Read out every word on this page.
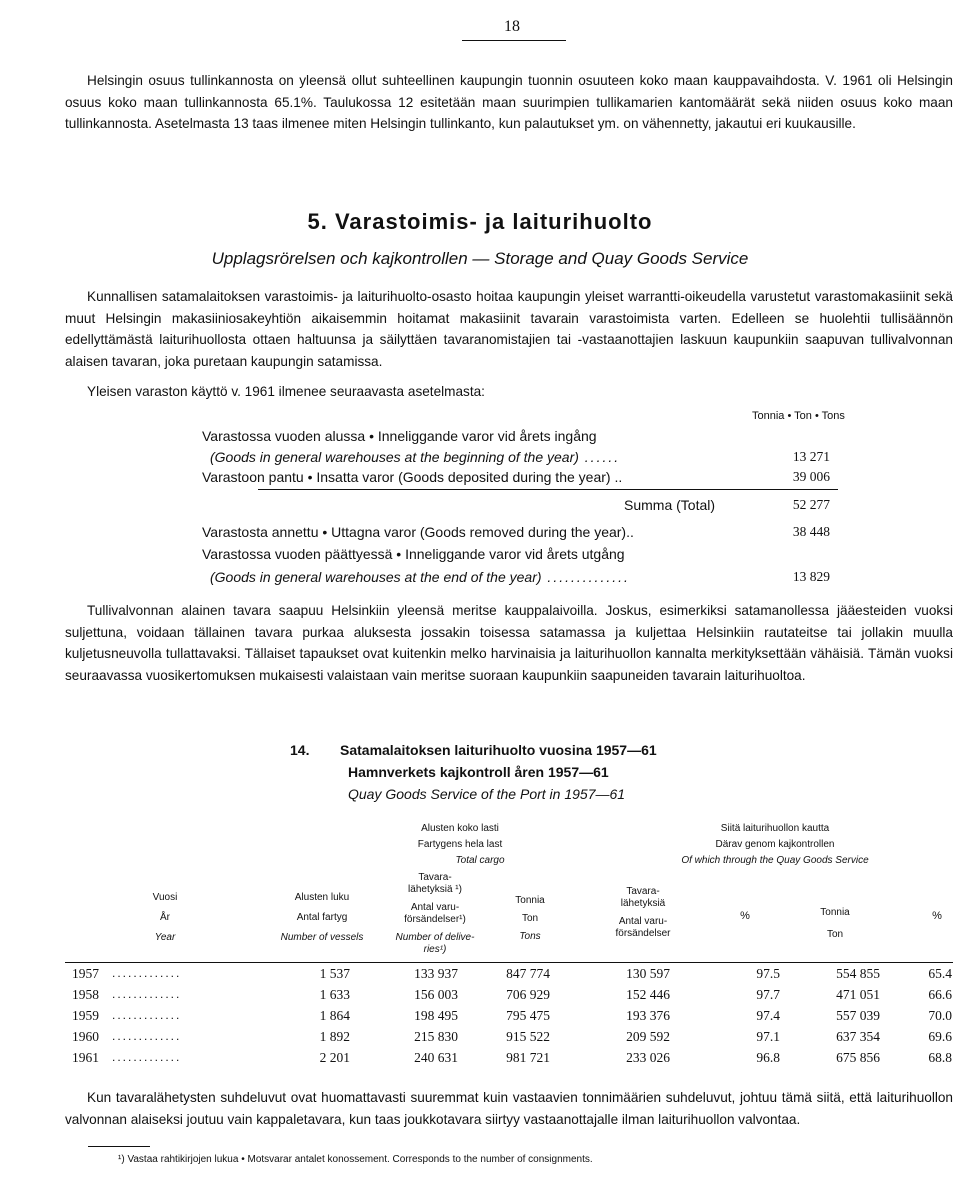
18
Helsingin osuus tullinkannosta on yleensä ollut suhteellinen kaupungin tuonnin osuuteen koko maan kauppavaihdosta. V. 1961 oli Helsingin osuus koko maan tullinkannosta 65.1%. Taulukossa 12 esitetään maan suurimpien tullikamarien kantomäärät sekä niiden osuus koko maan tullinkannosta. Asetelmasta 13 taas ilmenee miten Helsingin tullinkanto, kun palautukset ym. on vähennetty, jakautui eri kuukausille.
5. Varastoimis- ja laiturihuolto
Upplagsrörelsen och kajkontrollen — Storage and Quay Goods Service
Kunnallisen satamalaitoksen varastoimis- ja laiturihuolto-osasto hoitaa kaupungin yleiset warrantti-oikeudella varustetut varastomakasiinit sekä muut Helsingin makasiiniosakeyhtiön aikaisemmin hoitamat makasiinit tavarain varastoimista varten. Edelleen se huolehtii tullisäännön edellyttämästä laiturihuollosta ottaen haltuunsa ja säilyttäen tavaranomistajien tai -vastaanottajien laskuun kaupunkiin saapuvan tullivalvonnan alaisen tavaran, joka puretaan kaupungin satamissa.
Yleisen varaston käyttö v. 1961 ilmenee seuraavasta asetelmasta:
Tonnia • Ton • Tons
Varastossa vuoden alussa • Inneliggande varor vid årets ingång
(Goods in general warehouses at the beginning of the year) ......	13 271
Varastoon pantu • Insatta varor (Goods deposited during the year) ..	39 006
Summa (Total)	52 277
Varastosta annettu • Uttagna varor (Goods removed during the year)..	38 448
Varastossa vuoden päättyessä • Inneliggande varor vid årets utgång
(Goods in general warehouses at the end of the year) ..............	13 829
Tullivalvonnan alainen tavara saapuu Helsinkiin yleensä meritse kauppalaivoilla. Joskus, esimerkiksi satamanollessa jääesteiden vuoksi suljettuna, voidaan tällainen tavara purkaa aluksesta jossakin toisessa satamassa ja kuljettaa Helsinkiin rautateitse tai jollakin muulla kuljetusneuvolla tullattavaksi. Tällaiset tapaukset ovat kuitenkin melko harvinaisia ja laiturihuollon kannalta merkityksettään vähäisiä. Tämän vuoksi seuraavassa vuosikertomuksen mukaisesti valaistaan vain meritse suoraan kaupunkiin saapuneiden tavarain laiturihuoltoa.
14. Satamalaitoksen laiturihuolto vuosina 1957—61
Hamnverkets kajkontroll åren 1957—61
Quay Goods Service of the Port in 1957—61
Alusten koko lasti
Fartygens hela last
Total cargo
Siitä laiturihuollon kautta
Därav genom kajkontrollen
Of which through the Quay Goods Service
Vuosi
År
Year
Alusten luku
Antal fartyg
Number of vessels
Tavara-
lähetyksiä ¹)
Antal varu-
försändelser¹)
Number of delive-
ries¹)
Tonnia
Ton
Tons
Tavara-
lähetyksiä
Antal varu-
försändelser
%	Tonnia
Ton
%
1957 .............	1 537	133 937	847 774	130 597	97.5	554 855	65.4
1958 .............	1 633	156 003	706 929	152 446	97.7	471 051	66.6
1959 .............	1 864	198 495	795 475	193 376	97.4	557 039	70.0
1960 .............	1 892	215 830	915 522	209 592	97.1	637 354	69.6
1961 .............	2 201	240 631	981 721	233 026	96.8	675 856	68.8
Kun tavaralähetysten suhdeluvut ovat huomattavasti suuremmat kuin vastaavien tonnimäärien suhdeluvut, johtuu tämä siitä, että laiturihuollon valvonnan alaiseksi joutuu vain kappaletavara, kun taas joukkotavara siirtyy vastaanottajalle ilman laiturihuollon valvontaa.
¹) Vastaa rahtikirjojen lukua • Motsvarar antalet konossement. Corresponds to the number of consignments.
